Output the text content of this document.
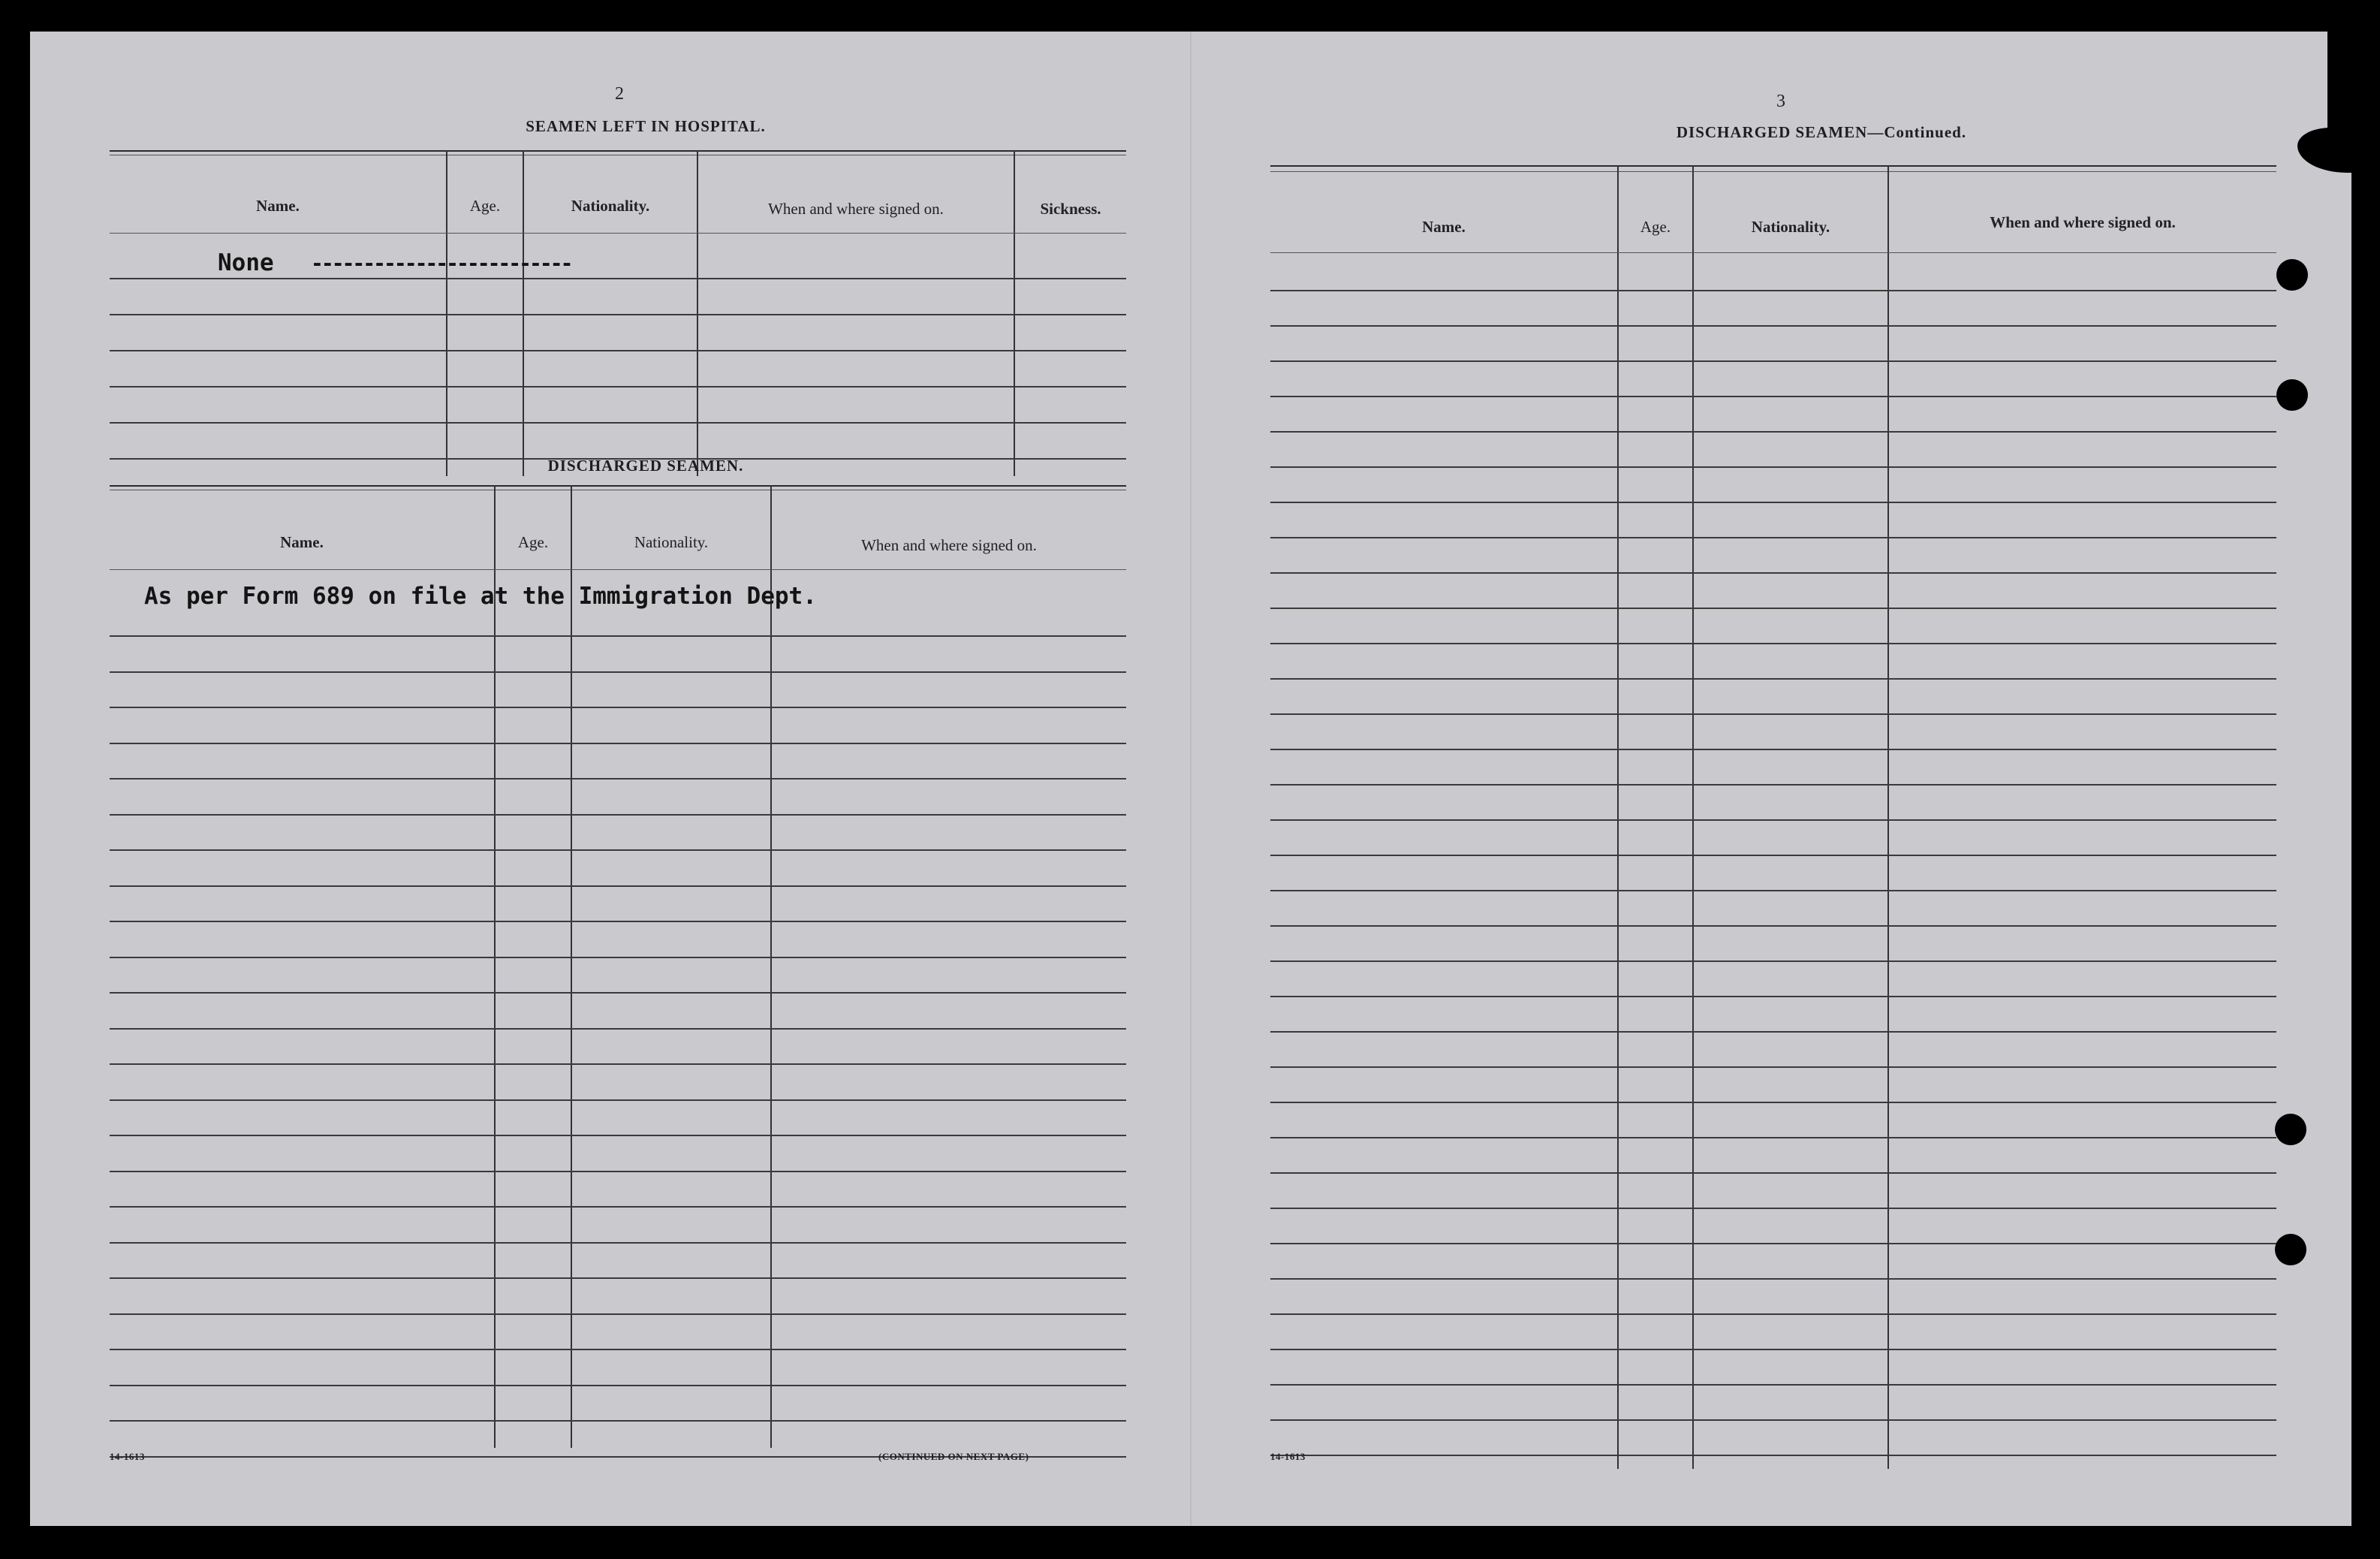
2
SEAMEN LEFT IN HOSPITAL.
Name.	Age.	Nationality.	When and where signed on.	Sickness.
None -------------------------
DISCHARGED SEAMEN.
Name.	Age.	Nationality.	When and where signed on.
As per Form 689 on file at the Immigration Dept.
14-1613	(CONTINUED ON NEXT PAGE)
3
DISCHARGED SEAMEN—Continued.
Name.	Age.	Nationality.	When and where signed on.
14-1613
